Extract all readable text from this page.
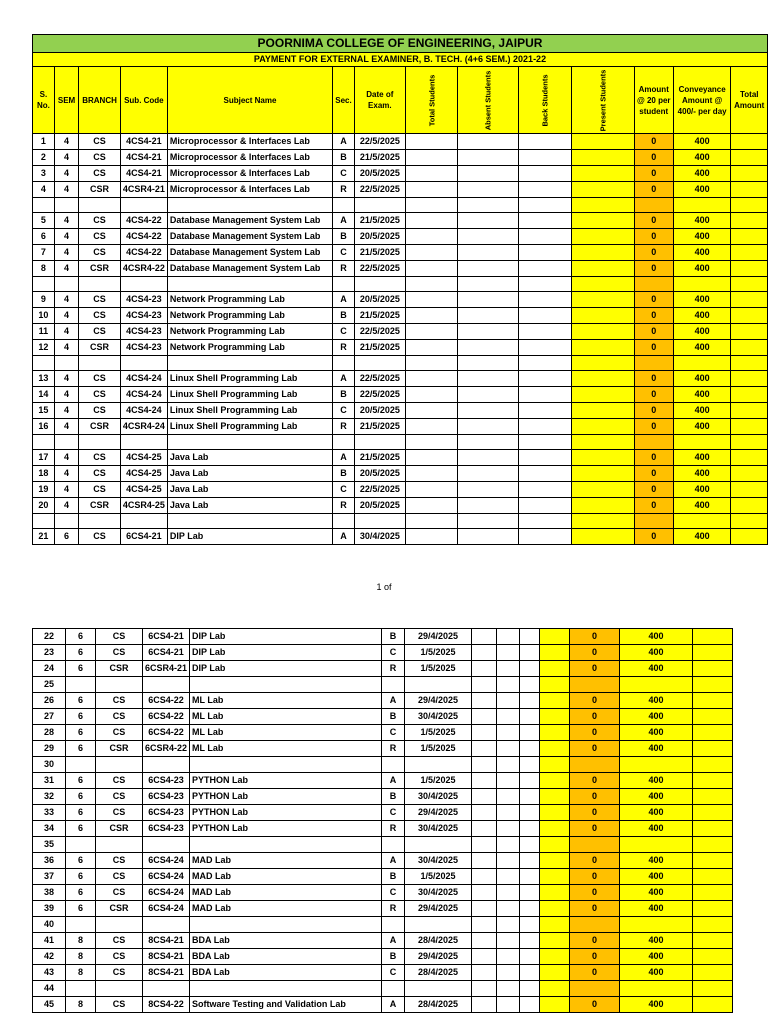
POORNIMA COLLEGE OF ENGINEERING, JAIPUR													
PAYMENT FOR EXTERNAL EXAMINER, B. TECH. (4+6 SEM.) 2021-22													
S. No.	SEM	BRANCH	Sub. Code	Subject Name	Sec.	Date of Exam.	Total Students	Absent Students	Back Students	Present Students	Amount @ 20 per student	Conveyance Amount @ 400/- per day	Total Amount
1	4	CS	4CS4-21	Microprocessor & Interfaces Lab	A	22/5/2025					0	400	
2	4	CS	4CS4-21	Microprocessor & Interfaces Lab	B	21/5/2025					0	400	
3	4	CS	4CS4-21	Microprocessor & Interfaces Lab	C	20/5/2025					0	400	
4	4	CSR	4CSR4-21	Microprocessor & Interfaces Lab	R	22/5/2025					0	400	

5	4	CS	4CS4-22	Database Management System Lab	A	21/5/2025					0	400	
6	4	CS	4CS4-22	Database Management System Lab	B	20/5/2025					0	400	
7	4	CS	4CS4-22	Database Management System Lab	C	21/5/2025					0	400	
8	4	CSR	4CSR4-22	Database Management System Lab	R	22/5/2025					0	400	

9	4	CS	4CS4-23	Network Programming Lab	A	20/5/2025					0	400	
10	4	CS	4CS4-23	Network Programming Lab	B	21/5/2025					0	400	
11	4	CS	4CS4-23	Network Programming Lab	C	22/5/2025					0	400	
12	4	CSR	4CS4-23	Network Programming Lab	R	21/5/2025					0	400	

13	4	CS	4CS4-24	Linux Shell Programming Lab	A	22/5/2025					0	400	
14	4	CS	4CS4-24	Linux Shell Programming Lab	B	22/5/2025					0	400	
15	4	CS	4CS4-24	Linux Shell Programming Lab	C	20/5/2025					0	400	
16	4	CSR	4CSR4-24	Linux Shell Programming Lab	R	21/5/2025					0	400	

17	4	CS	4CS4-25	Java Lab	A	21/5/2025					0	400	
18	4	CS	4CS4-25	Java Lab	B	20/5/2025					0	400	
19	4	CS	4CS4-25	Java Lab	C	22/5/2025					0	400	
20	4	CSR	4CSR4-25	Java Lab	R	20/5/2025					0	400	

21	6	CS	6CS4-21	DIP Lab	A	30/4/2025					0	400	
1 of
22	6	CS	6CS4-21	DIP Lab	B	29/4/2025					0	400	
23	6	CS	6CS4-21	DIP Lab	C	1/5/2025					0	400	
24	6	CSR	6CSR4-21	DIP Lab	R	1/5/2025					0	400	
25													
26	6	CS	6CS4-22	ML Lab	A	29/4/2025					0	400	
27	6	CS	6CS4-22	ML Lab	B	30/4/2025					0	400	
28	6	CS	6CS4-22	ML Lab	C	1/5/2025					0	400	
29	6	CSR	6CSR4-22	ML Lab	R	1/5/2025					0	400	
30													
31	6	CS	6CS4-23	PYTHON Lab	A	1/5/2025					0	400	
32	6	CS	6CS4-23	PYTHON Lab	B	30/4/2025					0	400	
33	6	CS	6CS4-23	PYTHON Lab	C	29/4/2025					0	400	
34	6	CSR	6CS4-23	PYTHON Lab	R	30/4/2025					0	400	
35													
36	6	CS	6CS4-24	MAD Lab	A	30/4/2025					0	400	
37	6	CS	6CS4-24	MAD Lab	B	1/5/2025					0	400	
38	6	CS	6CS4-24	MAD Lab	C	30/4/2025					0	400	
39	6	CSR	6CS4-24	MAD Lab	R	29/4/2025					0	400	
40													
41	8	CS	8CS4-21	BDA Lab	A	28/4/2025					0	400	
42	8	CS	8CS4-21	BDA Lab	B	29/4/2025					0	400	
43	8	CS	8CS4-21	BDA Lab	C	28/4/2025					0	400	
44													
45	8	CS	8CS4-22	Software Testing and Validation Lab	A	28/4/2025					0	400	
